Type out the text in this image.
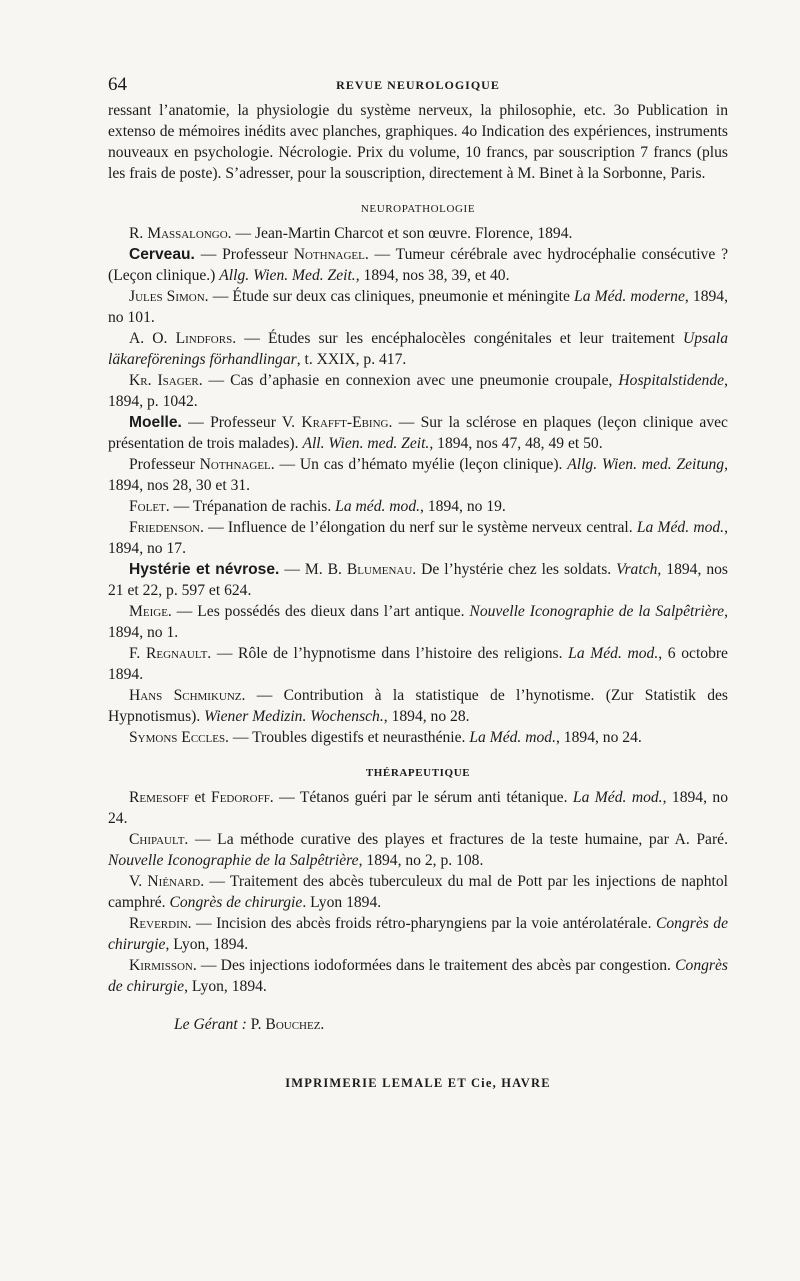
64	REVUE NEUROLOGIQUE

ressant l’anatomie, la physiologie du système nerveux, la philosophie, etc. 3o Publication in extenso de mémoires inédits avec planches, graphiques. 4o Indication des expériences, instruments nouveaux en psychologie. Nécrologie. Prix du volume, 10 francs, par souscription 7 francs (plus les frais de poste). S’adresser, pour la souscription, directement à M. Binet à la Sorbonne, Paris.

NEUROPATHOLOGIE

R. Massalongo. — Jean-Martin Charcot et son œuvre. Florence, 1894.

Cerveau. — Professeur Nothnagel. — Tumeur cérébrale avec hydrocéphalie consécutive ? (Leçon clinique.) Allg. Wien. Med. Zeit., 1894, nos 38, 39, et 40.

Jules Simon. — Étude sur deux cas cliniques, pneumonie et méningite La Méd. moderne, 1894, no 101.

A. O. Lindfors. — Études sur les encéphalocèles congénitales et leur traitement Upsala läkareförenings förhandlingar, t. XXIX, p. 417.

Kr. Isager. — Cas d’aphasie en connexion avec une pneumonie croupale, Hospitalstidende, 1894, p. 1042.

Moelle. — Professeur V. Krafft-Ebing. — Sur la sclérose en plaques (leçon clinique avec présentation de trois malades). All. Wien. med. Zeit., 1894, nos 47, 48, 49 et 50.

Professeur Nothnagel. — Un cas d’hémato myélie (leçon clinique). Allg. Wien. med. Zeitung, 1894, nos 28, 30 et 31.

Folet. — Trépanation de rachis. La méd. mod., 1894, no 19.

Friedenson. — Influence de l’élongation du nerf sur le système nerveux central. La Méd. mod., 1894, no 17.

Hystérie et névrose. — M. B. Blumenau. De l’hystérie chez les soldats. Vratch, 1894, nos 21 et 22, p. 597 et 624.

Meige. — Les possédés des dieux dans l’art antique. Nouvelle Iconographie de la Salpêtrière, 1894, no 1.

F. Regnault. — Rôle de l’hypnotisme dans l’histoire des religions. La Méd. mod., 6 octobre 1894.

Hans Schmikunz. — Contribution à la statistique de l’hynotisme. (Zur Statistik des Hypnotismus). Wiener Medizin. Wochensch., 1894, no 28.

Symons Eccles. — Troubles digestifs et neurasthénie. La Méd. mod., 1894, no 24.

THÉRAPEUTIQUE

Remesoff et Fedoroff. — Tétanos guéri par le sérum anti tétanique. La Méd. mod., 1894, no 24.

Chipault. — La méthode curative des playes et fractures de la teste humaine, par A. Paré. Nouvelle Iconographie de la Salpêtrière, 1894, no 2, p. 108.

V. Niénard. — Traitement des abcès tuberculeux du mal de Pott par les injections de naphtol camphré. Congrès de chirurgie. Lyon 1894.

Reverdin. — Incision des abcès froids rétro-pharyngiens par la voie antérolatérale. Congrès de chirurgie, Lyon, 1894.

Kirmisson. — Des injections iodoformées dans le traitement des abcès par congestion. Congrès de chirurgie, Lyon, 1894.

Le Gérant : P. Bouchez.

IMPRIMERIE LEMALE ET Cie, HAVRE
